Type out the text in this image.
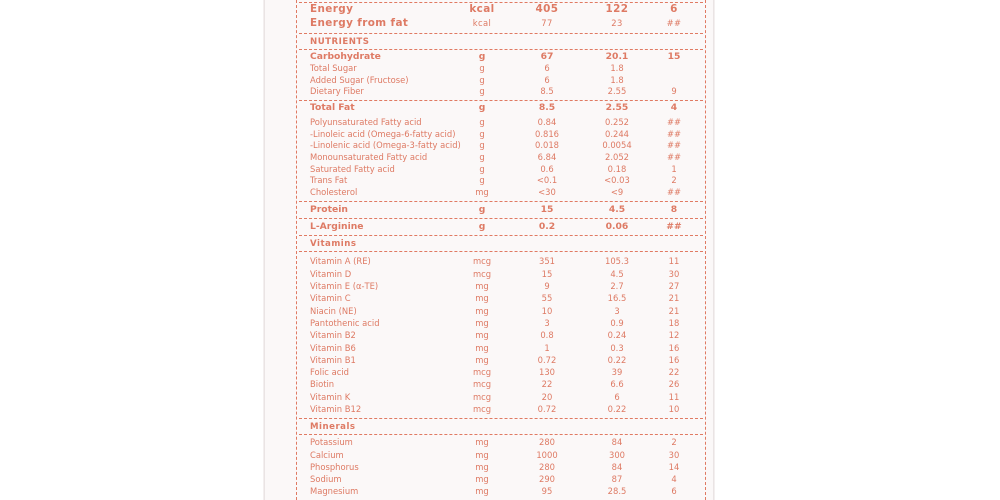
Energy	kcal	405	122	6
Energy from fat	kcal	77	23	##
NUTRIENTS
Carbohydrate	g	67	20.1	15
Total Sugar	g	6	1.8
Added Sugar (Fructose)	g	6	1.8
Dietary Fiber	g	8.5	2.55	9
Total Fat	g	8.5	2.55	4
Polyunsaturated Fatty acid	g	0.84	0.252	##
-Linoleic acid (Omega-6-fatty acid)	g	0.816	0.244	##
-Linolenic acid (Omega-3-fatty acid)	g	0.018	0.0054	##
Monounsaturated Fatty acid	g	6.84	2.052	##
Saturated Fatty acid	g	0.6	0.18	1
Trans Fat	g	<0.1	<0.03	2
Cholesterol	mg	<30	<9	##
Protein	g	15	4.5	8
L-Arginine	g	0.2	0.06	##
Vitamins
Vitamin A (RE)	mcg	351	105.3	11
Vitamin D	mcg	15	4.5	30
Vitamin E (α-TE)	mg	9	2.7	27
Vitamin C	mg	55	16.5	21
Niacin (NE)	mg	10	3	21
Pantothenic acid	mg	3	0.9	18
Vitamin B2	mg	0.8	0.24	12
Vitamin B6	mg	1	0.3	16
Vitamin B1	mg	0.72	0.22	16
Folic acid	mcg	130	39	22
Biotin	mcg	22	6.6	26
Vitamin K	mcg	20	6	11
Vitamin B12	mcg	0.72	0.22	10
Minerals
Potassium	mg	280	84	2
Calcium	mg	1000	300	30
Phosphorus	mg	280	84	14
Sodium	mg	290	87	4
Magnesium	mg	95	28.5	6
